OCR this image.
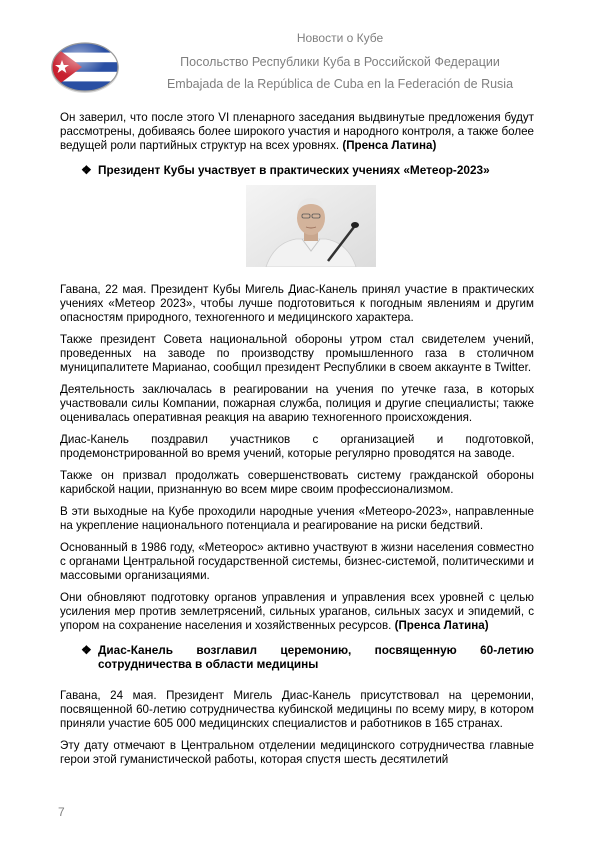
Новости о Кубе
Посольство Республики Куба в Российской Федерации
Embajada de la República de Cuba en la Federación de Rusia

Он заверил, что после этого VI пленарного заседания выдвинутые предложения будут рассмотрены, добиваясь более широкого участия и народного контроля, а также более ведущей роли партийных структур на всех уровнях. (Пренса Латина)

❖ Президент Кубы участвует в практических учениях «Метеор-2023»

Гавана, 22 мая. Президент Кубы Мигель Диас-Канель принял участие в практических учениях «Метеор 2023», чтобы лучше подготовиться к погодным явлениям и другим опасностям природного, техногенного и медицинского характера.

Также президент Совета национальной обороны утром стал свидетелем учений, проведенных на заводе по производству промышленного газа в столичном муниципалитете Марианао, сообщил президент Республики в своем аккаунте в Twitter.

Деятельность заключалась в реагировании на учения по утечке газа, в которых участвовали силы Компании, пожарная служба, полиция и другие специалисты; также оценивалась оперативная реакция на аварию техногенного происхождения.

Диас-Канель поздравил участников с организацией и подготовкой, продемонстрированной во время учений, которые регулярно проводятся на заводе.

Также он призвал продолжать совершенствовать систему гражданской обороны карибской нации, признанную во всем мире своим профессионализмом.

В эти выходные на Кубе проходили народные учения «Метеоро-2023», направленные на укрепление национального потенциала и реагирование на риски бедствий.

Основанный в 1986 году, «Метеорос» активно участвуют в жизни населения совместно с органами Центральной государственной системы, бизнес-системой, политическими и массовыми организациями.

Они обновляют подготовку органов управления и управления всех уровней с целью усиления мер против землетрясений, сильных ураганов, сильных засух и эпидемий, с упором на сохранение населения и хозяйственных ресурсов. (Пренса Латина)

❖ Диас-Канель возглавил церемонию, посвященную 60-летию сотрудничества в области медицины

Гавана, 24 мая. Президент Мигель Диас-Канель присутствовал на церемонии, посвященной 60-летию сотрудничества кубинской медицины по всему миру, в котором приняли участие 605 000 медицинских специалистов и работников в 165 странах.

Эту дату отмечают в Центральном отделении медицинского сотрудничества главные герои этой гуманистической работы, которая спустя шесть десятилетий

7
